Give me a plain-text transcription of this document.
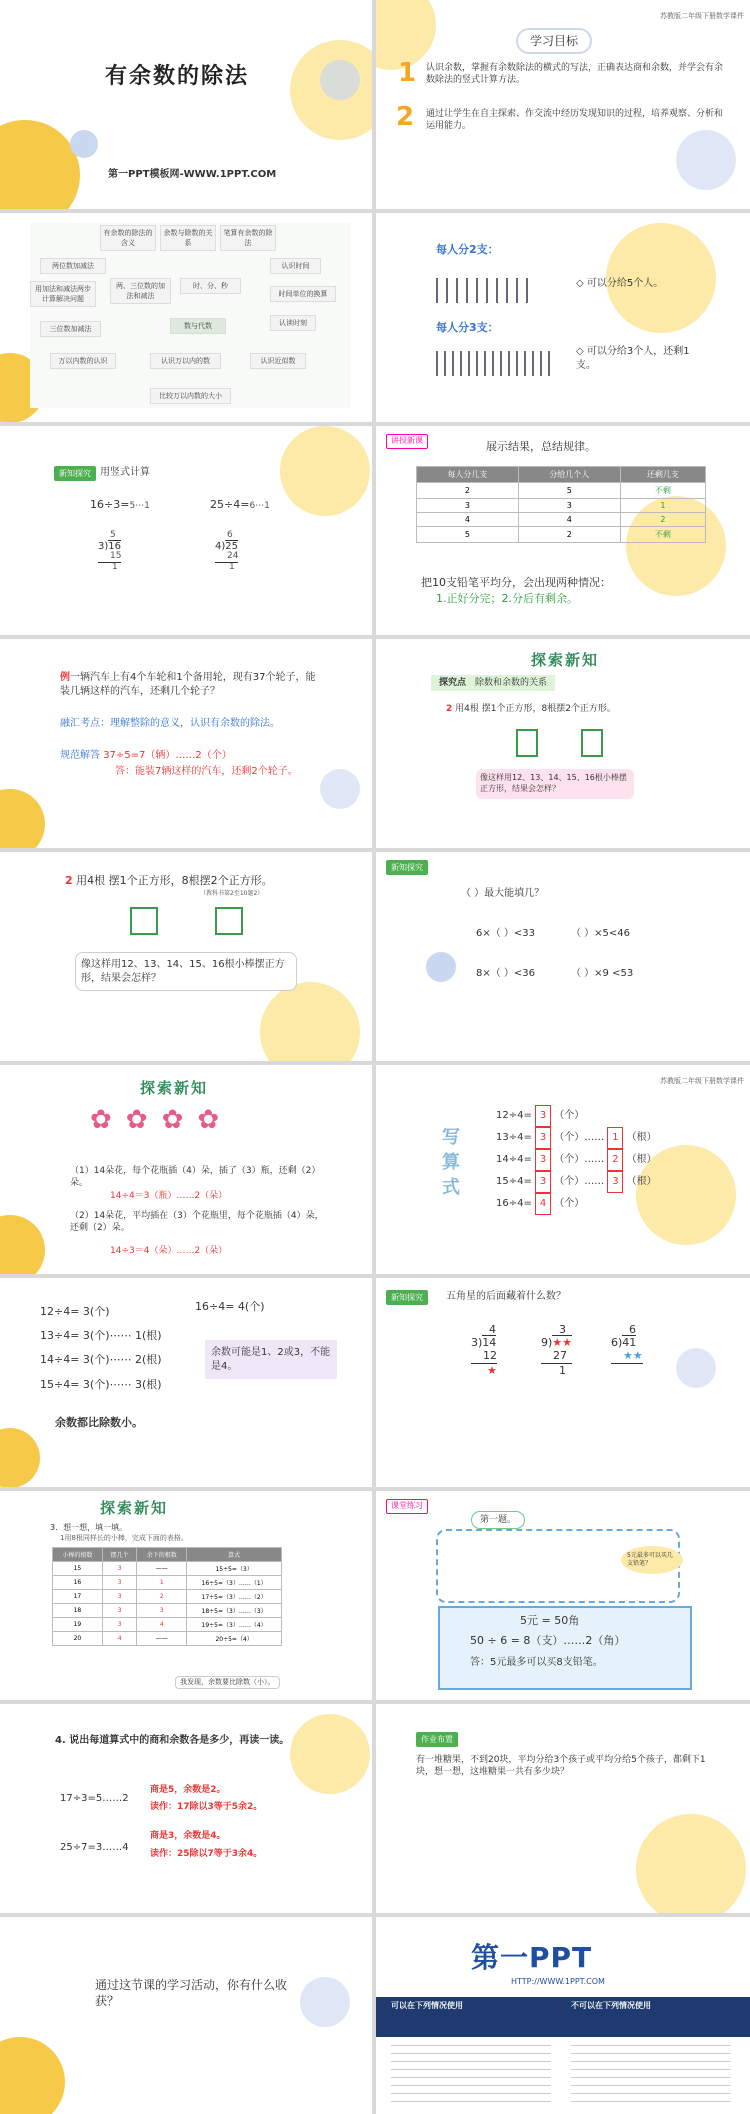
有余数的除法
第一PPT模板网-WWW.1PPT.COM
苏教版二年级下册数学课件
学习目标
1 认识余数，掌握有余数除法的横式的写法，正确表达商和余数，并学会有余数除法的竖式计算方法。
2 通过让学生在自主探索、作交流中经历发现知识的过程，培养观察、分析和运用能力。
有余数的除法的含义
余数与除数的关系
笔算有余数的除法
认识时间
两位数加减法
时、分、秒
时间单位的换算
用加法和减法两步计算解决问题
两、三位数的加法和减法
数与代数	认读时刻
三位数加减法
万以内数的认识	认识万以内的数	认识近似数
比较万以内数的大小
每人分2支：
◇ 可以分给5个人。
每人分3支：
◇ 可以分给3个人，还剩1支。
新知探究 用竖式计算
16÷3=5⋯1	25÷4=6⋯1
5
3)16
15
1
6
4)25
24
1
讲授新课	展示结果，总结规律。
每人分几支	分给几个人	还剩几支
2	5	不剩
3	3	1
4	4	2
5	2	不剩
把10支铅笔平均分，会出现两种情况：
1.正好分完；2.分后有剩余。
例一辆汽车上有4个车轮和1个备用轮，现有37个轮子，能装几辆这样的汽车，还剩几个轮子？
融汇考点：理解整除的意义，认识有余数的除法。
规范解答 37÷5=7（辆）……2（个）
答：能装7辆这样的汽车，还剩2个轮子。
探索新知
探究点　 除数和余数的关系
2 用4根 摆1个正方形，8根摆2个正方形。
像这样用12、13、14、15、16根小棒摆正方形，结果会怎样？
2 用4根 摆1个正方形，8根摆2个正方形。
（教科书第2至10题2）
像这样用12、13、14、15、16根小棒摆正方形，结果会怎样？
新知探究
（ ）最大能填几？
6×（ ）<33	（ ）×5<46
8×（ ）<36	（ ）×9 <53
探索新知
✿✿✿✿
（1）14朵花，每个花瓶插（4）朵，插了（3）瓶，还剩（2）朵。
14÷4＝3（瓶）……2（朵）
（2）14朵花，平均插在（3）个花瓶里，每个花瓶插（4）朵，还剩（2）朵。
14÷3＝4（朵）……2（朵）
苏教版二年级下册数学课件
写算式
12÷4= 3 （个）
13÷4= 3 （个）…… 1 （根）
14÷4= 3 （个）…… 2 （根）
15÷4= 3 （个）…… 3 （根）
16÷4= 4 （个）
12÷4= 3(个)
13÷4= 3(个)⋯⋯ 1(根)
14÷4= 3(个)⋯⋯ 2(根)
15÷4= 3(个)⋯⋯ 3(根)
16÷4= 4(个)
余数可能是1、2或3，不能是4。
余数都比除数小。
新知探究	五角星的后面藏着什么数？
4
3)14
12
★
3
9)★★
27
1
6
6)41
★★
探索新知
3．想一想，填一填。
1用8根同样长的小棒，完成下面的表格。
小棒的根数	摆几个	余下的根数	算式
15	3	——	15÷5=（3）
16	3	1	16÷5=（3）……（1）
17	3	2	17÷5=（3）……（2）
18	3	3	18÷5=（3）……（3）
19	3	4	19÷5=（3）……（4）
20	4	——	20÷5=（4）
我发现，余数要比除数（小）。
课堂练习
第一题。
5元最多可以买几支铅笔？
5元 = 50角
50 ÷ 6 = 8（支）……2（角）
答：5元最多可以买8支铅笔。
4. 说出每道算式中的商和余数各是多少，再读一读。
17÷3=5……2
商是5，余数是2。
读作：17除以3等于5余2。
25÷7=3……4
商是3，余数是4。
读作：25除以7等于3余4。
作业布置
有一堆糖果，不到20块，平均分给3个孩子或平均分给5个孩子，都剩下1块，想一想，这堆糖果一共有多少块？
通过这节课的学习活动，你有什么收获？
第一PPT
HTTP://WWW.1PPT.COM
可以在下列情况使用	不可以在下列情况使用
